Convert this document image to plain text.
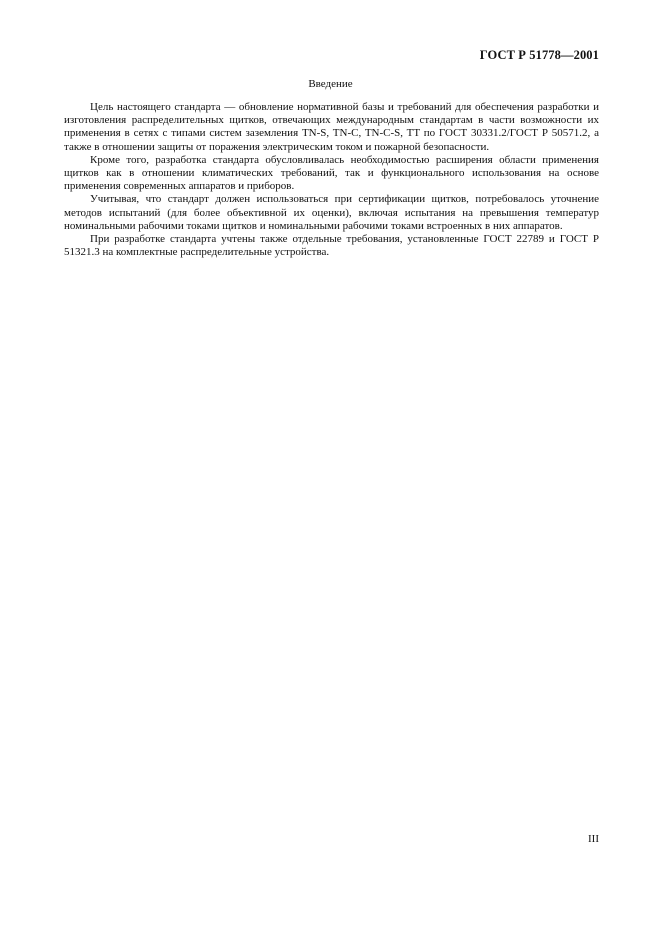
ГОСТ Р 51778—2001
Введение

Цель настоящего стандарта — обновление нормативной базы и требований для обеспечения разработки и изготовления распределительных щитков, отвечающих международным стандартам в части возможности их применения в сетях с типами систем заземления TN-S, TN-C, TN-C-S, TT по ГОСТ 30331.2/ГОСТ Р 50571.2, а также в отношении защиты от поражения электрическим током и пожарной безопасности.

Кроме того, разработка стандарта обусловливалась необходимостью расширения области применения щитков как в отношении климатических требований, так и функционального использования на основе применения современных аппаратов и приборов.

Учитывая, что стандарт должен использоваться при сертификации щитков, потребовалось уточнение методов испытаний (для более объективной их оценки), включая испытания на превышения температур номинальными рабочими токами щитков и номинальными рабочими токами встроенных в них аппаратов.

При разработке стандарта учтены также отдельные требования, установленные ГОСТ 22789 и ГОСТ Р 51321.3 на комплектные распределительные устройства.

III
